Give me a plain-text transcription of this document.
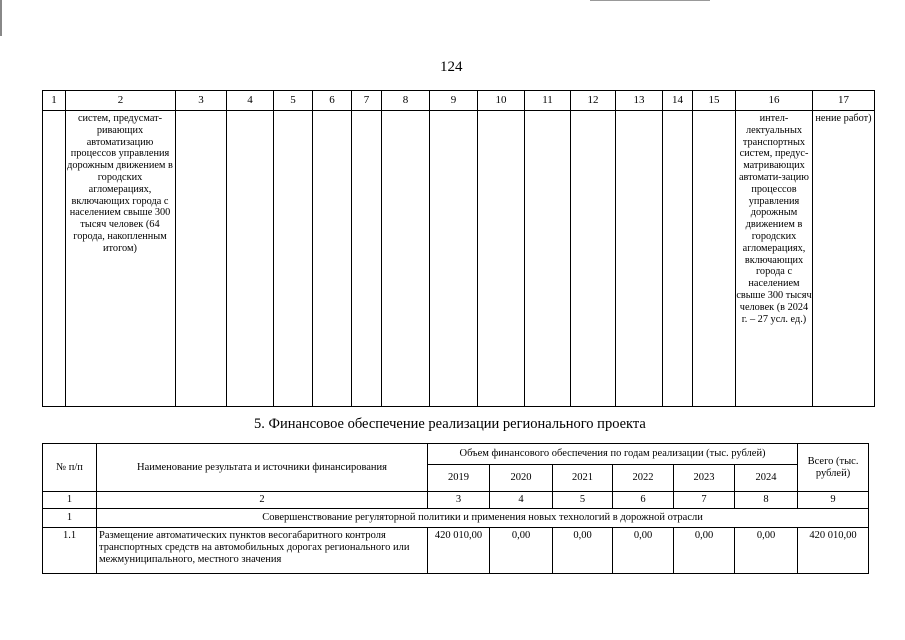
124
1	2	3	4	5	6	7	8	9	10	11	12	13	14	15	16	17
	систем, предусмат-ривающих автоматизацию процессов управления дорожным движением в городских агломерациях, включающих города с населением свыше 300 тысяч человек (64 города, накопленным итогом)														интел-лектуальных транспортных систем, предус-матривающих автомати-зацию процессов управления дорожным движением в городских агломерациях, включающих города с населением свыше 300 тысяч человек (в 2024 г. – 27 усл. ед.)	нение работ)
5. Финансовое обеспечение реализации регионального проекта
№ п/п	Наименование результата и источники финансирования	Объем финансового обеспечения по годам реализации (тыс. рублей)						Всего (тыс. рублей)
		2019	2020	2021	2022	2023	2024	
1	2	3	4	5	6	7	8	9
1	Совершенствование регуляторной политики и применения новых технологий в дорожной отрасли							
1.1	Размещение автоматических пунктов весогабаритного контроля транспортных средств на автомобильных дорогах регионального или межмуниципального, местного значения	420 010,00	0,00	0,00	0,00	0,00	0,00	420 010,00
